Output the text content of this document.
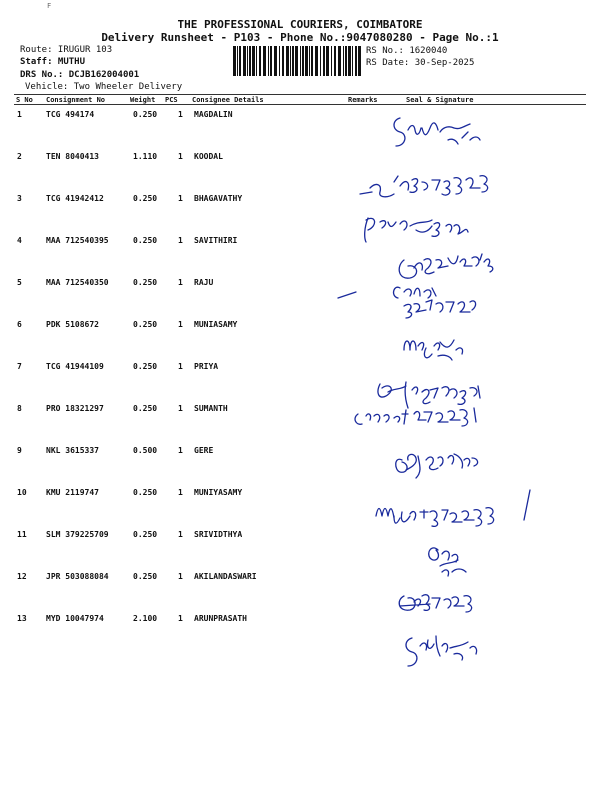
F
THE PROFESSIONAL COURIERS, COIMBATORE
Delivery Runsheet - P103 - Phone No.:9047080280 - Page No.:1
Route: IRUGUR 103
Staff: MUTHU
DRS No.: DCJB162004001
Vehicle: Two Wheeler Delivery
RS No.: 1620040
RS Date: 30-Sep-2025
S No Consignment No	Weight PCS Consignee Details	Remarks	Seal & Signature
1	TCG 494174	0.250	1 MAGDALIN
2	TEN 8040413	1.110	1 KOODAL
3	TCG 41942412	0.250	1 BHAGAVATHY
4	MAA 712540395	0.250	1 SAVITHIRI
5	MAA 712540350	0.250	1 RAJU
6	PDK 5108672	0.250	1 MUNIASAMY
7	TCG 41944109	0.250	1 PRIYA
8	PRO 18321297	0.250	1 SUMANTH
9	NKL 3615337	0.500	1 GERE
10 KMU 2119747	0.250	1 MUNIYASAMY
11 SLM 379225709	0.250	1 SRIVIDTHYA
12 JPR 503088084	0.250	1 AKILANDASWARI
13 MYD 10047974	2.100	1 ARUNPRASATH
